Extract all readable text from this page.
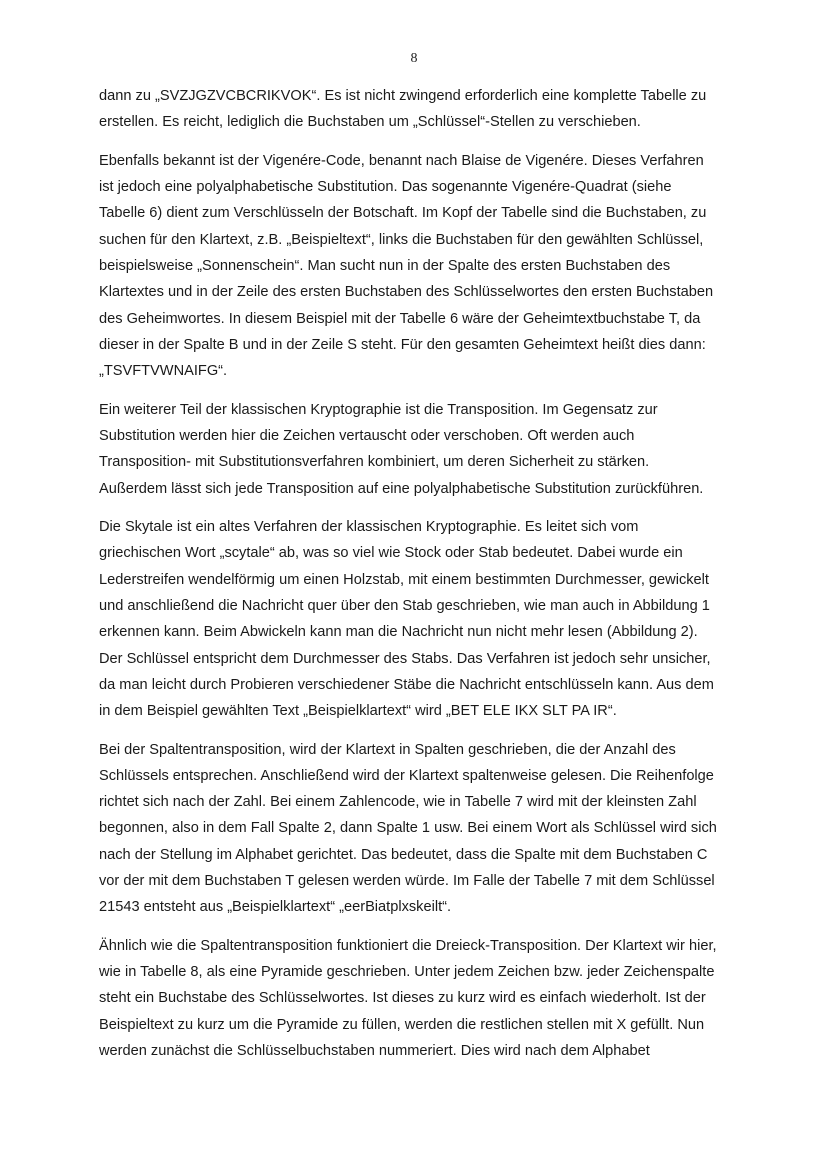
8

dann zu „SVZJGZVCBCRIKVOK“. Es ist nicht zwingend erforderlich eine komplette Tabelle zu
erstellen. Es reicht, lediglich die Buchstaben um „Schlüssel“-Stellen zu verschieben.

Ebenfalls bekannt ist der Vigenére-Code, benannt nach Blaise de Vigenére. Dieses Verfahren
ist jedoch eine polyalphabetische Substitution. Das sogenannte Vigenére-Quadrat (siehe
Tabelle 6) dient zum Verschlüsseln der Botschaft. Im Kopf der Tabelle sind die Buchstaben, zu
suchen für den Klartext, z.B. „Beispieltext“, links die Buchstaben für den gewählten Schlüssel,
beispielsweise „Sonnenschein“. Man sucht nun in der Spalte des ersten Buchstaben des
Klartextes und in der Zeile des ersten Buchstaben des Schlüsselwortes den ersten Buchstaben
des Geheimwortes. In diesem Beispiel mit der Tabelle 6 wäre der Geheimtextbuchstabe T, da
dieser in der Spalte B und in der Zeile S steht. Für den gesamten Geheimtext heißt dies dann:
„TSVFTVWNAIFG“.

Ein weiterer Teil der klassischen Kryptographie ist die Transposition. Im Gegensatz zur
Substitution werden hier die Zeichen vertauscht oder verschoben. Oft werden auch
Transposition- mit Substitutionsverfahren kombiniert, um deren Sicherheit zu stärken.
Außerdem lässt sich jede Transposition auf eine polyalphabetische Substitution zurückführen.

Die Skytale ist ein altes Verfahren der klassischen Kryptographie. Es leitet sich vom
griechischen Wort „scytale“ ab, was so viel wie Stock oder Stab bedeutet. Dabei wurde ein
Lederstreifen wendelförmig um einen Holzstab, mit einem bestimmten Durchmesser, gewickelt
und anschließend die Nachricht quer über den Stab geschrieben, wie man auch in Abbildung 1
erkennen kann. Beim Abwickeln kann man die Nachricht nun nicht mehr lesen (Abbildung 2).
Der Schlüssel entspricht dem Durchmesser des Stabs. Das Verfahren ist jedoch sehr unsicher,
da man leicht durch Probieren verschiedener Stäbe die Nachricht entschlüsseln kann. Aus dem
in dem Beispiel gewählten Text „Beispielklartext“ wird „BET ELE IKX SLT PA IR“.

Bei der Spaltentransposition, wird der Klartext in Spalten geschrieben, die der Anzahl des
Schlüssels entsprechen. Anschließend wird der Klartext spaltenweise gelesen. Die Reihenfolge
richtet sich nach der Zahl. Bei einem Zahlencode, wie in Tabelle 7 wird mit der kleinsten Zahl
begonnen, also in dem Fall Spalte 2, dann Spalte 1 usw. Bei einem Wort als Schlüssel wird sich
nach der Stellung im Alphabet gerichtet. Das bedeutet, dass die Spalte mit dem Buchstaben C
vor der mit dem Buchstaben T gelesen werden würde. Im Falle der Tabelle 7 mit dem Schlüssel
21543 entsteht aus „Beispielklartext“ „eerBiatplxskeilt“.

Ähnlich wie die Spaltentransposition funktioniert die Dreieck-Transposition. Der Klartext wir hier,
wie in Tabelle 8, als eine Pyramide geschrieben. Unter jedem Zeichen bzw. jeder Zeichenspalte
steht ein Buchstabe des Schlüsselwortes. Ist dieses zu kurz wird es einfach wiederholt. Ist der
Beispieltext zu kurz um die Pyramide zu füllen, werden die restlichen stellen mit X gefüllt. Nun
werden zunächst die Schlüsselbuchstaben nummeriert. Dies wird nach dem Alphabet
